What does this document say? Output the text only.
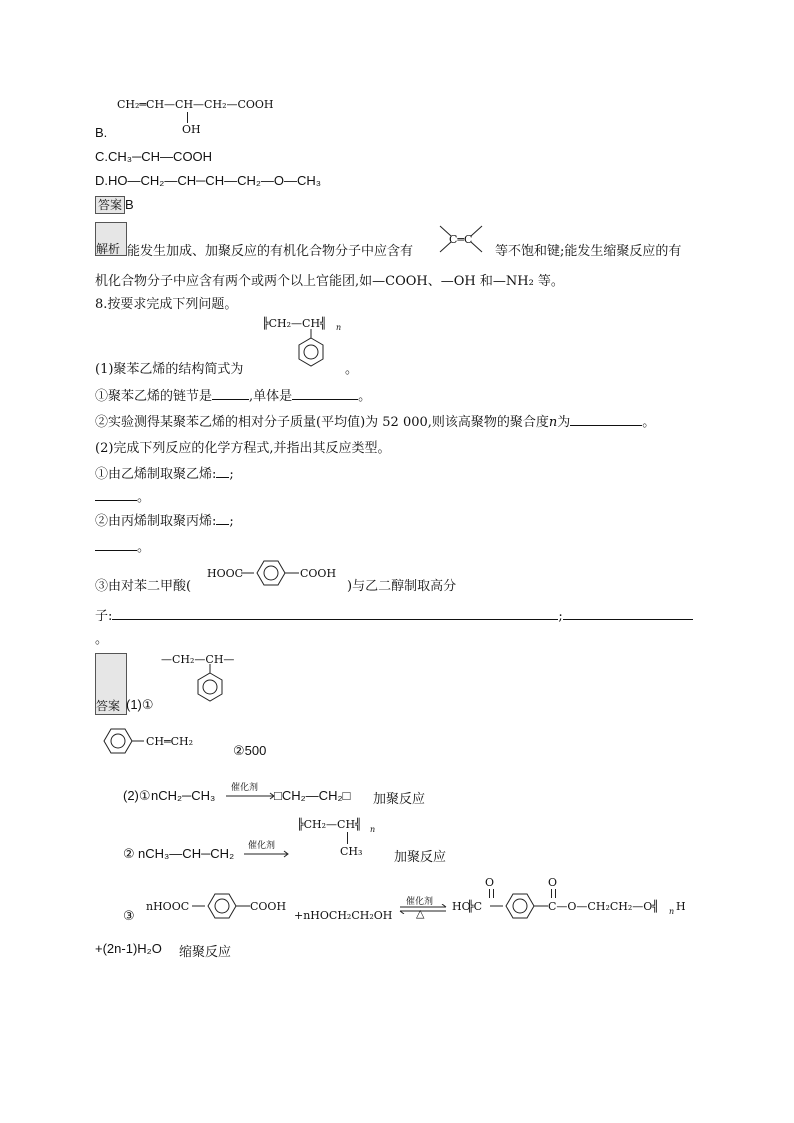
CH₂═CH—CH—CH₂—COOH
OH
B.
C.CH₃─CH—COOH
D.HO—CH₂—CH─CH—CH₂—O—CH₃
答案 B
解析 能发生加成、加聚反应的有机化合物分子中应含有
C═C
等不饱和键;能发生缩聚反应的有
机化合物分子中应含有两个或两个以上官能团,如—COOH、—OH 和—NH₂ 等。
8.按要求完成下列问题。
╠CH₂—CH╣ n
(1)聚苯乙烯的结构简式为	。
①聚苯乙烯的链节是	,单体是	。
②实验测得某聚苯乙烯的相对分子质量(平均值)为 52 000,则该高聚物的聚合度n为	。
(2)完成下列反应的化学方程式,并指出其反应类型。
①由乙烯制取聚乙烯: ;
。
②由丙烯制取聚丙烯: ;
。
③由对苯二甲酸(
HOOC	COOH
)与乙二醇制取高分
子:	;
。
答案 (1)①
—CH₂—CH—
CH═CH₂
②500
(2)① nCH₂─CH₃ 催化剂 □CH₂—CH₂□ 加聚反应
② nCH₃—CH─CH₂ 催化剂
╠CH₂—CH╣ n
CH₃ 加聚反应
③
nHOOC	COOH
+nHOCH₂CH₂OH
催化剂
△
HO
╠C
O	O
C—O—CH₂CH₂—O╣ n H
+(2n-1)H₂O 缩聚反应
